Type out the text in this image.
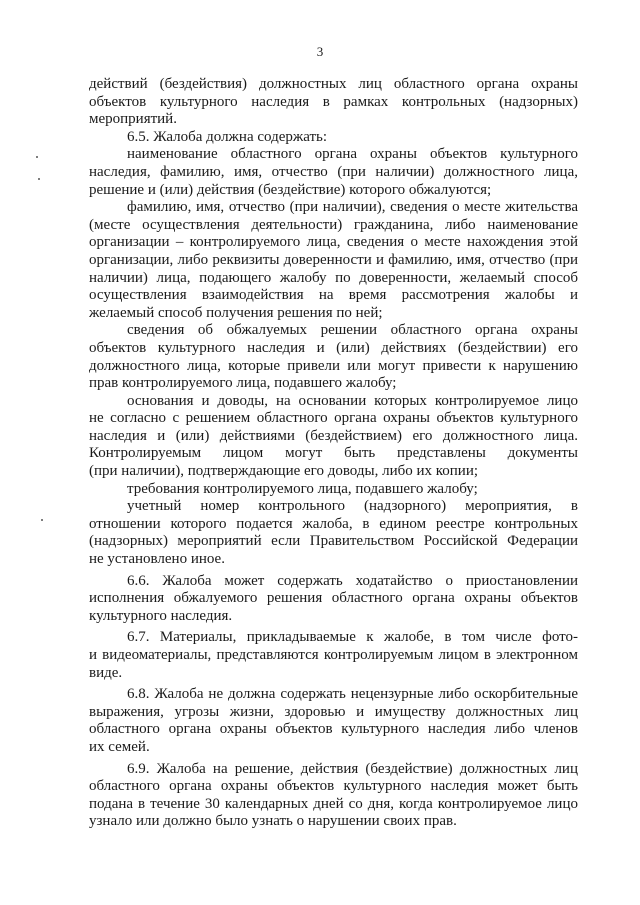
3
действий (бездействия) должностных лиц областного органа охраны
объектов культурного наследия в рамках контрольных (надзорных)
мероприятий.
6.5. Жалоба должна содержать:
наименование областного органа охраны объектов культурного
наследия, фамилию, имя, отчество (при наличии) должностного лица,
решение и (или) действия (бездействие) которого обжалуются;
фамилию, имя, отчество (при наличии), сведения о месте жительства
(месте осуществления деятельности) гражданина, либо наименование
организации – контролируемого лица, сведения о месте нахождения этой
организации, либо реквизиты доверенности и фамилию, имя, отчество (при
наличии) лица, подающего жалобу по доверенности, желаемый способ
осуществления взаимодействия на время рассмотрения жалобы и
желаемый способ получения решения по ней;
сведения об обжалуемых решении областного органа охраны
объектов культурного наследия и (или) действиях (бездействии) его
должностного лица, которые привели или могут привести к нарушению
прав контролируемого лица, подавшего жалобу;
основания и доводы, на основании которых контролируемое лицо
не согласно с решением областного органа охраны объектов культурного
наследия и (или) действиями (бездействием) его должностного лица.
Контролируемым лицом могут быть представлены документы
(при наличии), подтверждающие его доводы, либо их копии;
требования контролируемого лица, подавшего жалобу;
учетный номер контрольного (надзорного) мероприятия, в
отношении которого подается жалоба, в едином реестре контрольных
(надзорных) мероприятий если Правительством Российской Федерации
не установлено иное.
6.6. Жалоба может содержать ходатайство о приостановлении
исполнения обжалуемого решения областного органа охраны объектов
культурного наследия.
6.7. Материалы, прикладываемые к жалобе, в том числе фото-
и видеоматериалы, представляются контролируемым лицом в электронном
виде.
6.8. Жалоба не должна содержать нецензурные либо оскорбительные
выражения, угрозы жизни, здоровью и имуществу должностных лиц
областного органа охраны объектов культурного наследия либо членов
их семей.
6.9. Жалоба на решение, действия (бездействие) должностных лиц
областного органа охраны объектов культурного наследия может быть
подана в течение 30 календарных дней со дня, когда контролируемое лицо
узнало или должно было узнать о нарушении своих прав.
